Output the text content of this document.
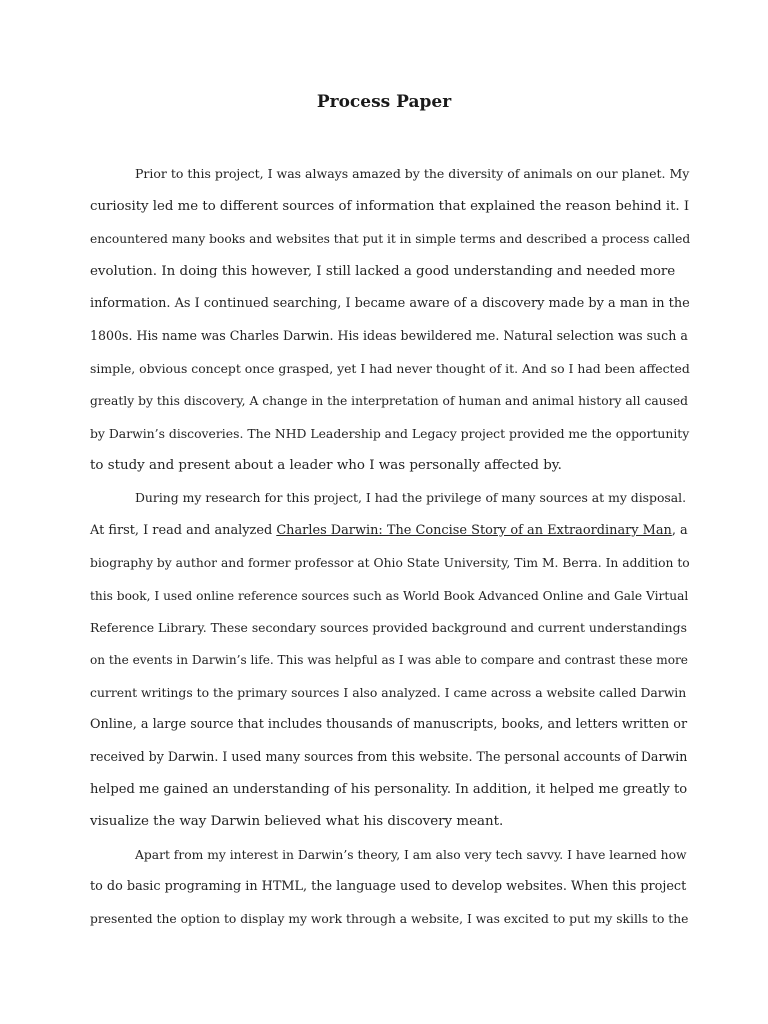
Process Paper
Prior to this project, I was always amazed by the diversity of animals on our planet. My
curiosity led me to different sources of information that explained the reason behind it. I
encountered many books and websites that put it in simple terms and described a process called
evolution. In doing this however, I still lacked a good understanding and needed more
information. As I continued searching, I became aware of a discovery made by a man in the
1800s. His name was Charles Darwin. His ideas bewildered me. Natural selection was such a
simple, obvious concept once grasped, yet I had never thought of it. And so I had been affected
greatly by this discovery, A change in the interpretation of human and animal history all caused
by Darwin’s discoveries. The NHD Leadership and Legacy project provided me the opportunity
to study and present about a leader who I was personally affected by.
During my research for this project, I had the privilege of many sources at my disposal.
At first, I read and analyzed Charles Darwin: The Concise Story of an Extraordinary Man, a
biography by author and former professor at Ohio State University, Tim M. Berra. In addition to
this book, I used online reference sources such as World Book Advanced Online and Gale Virtual
Reference Library. These secondary sources provided background and current understandings
on the events in Darwin’s life. This was helpful as I was able to compare and contrast these more
current writings to the primary sources I also analyzed. I came across a website called Darwin
Online, a large source that includes thousands of manuscripts, books, and letters written or
received by Darwin. I used many sources from this website. The personal accounts of Darwin
helped me gained an understanding of his personality. In addition, it helped me greatly to
visualize the way Darwin believed what his discovery meant.
Apart from my interest in Darwin’s theory, I am also very tech savvy. I have learned how
to do basic programing in HTML, the language used to develop websites. When this project
presented the option to display my work through a website, I was excited to put my skills to the
